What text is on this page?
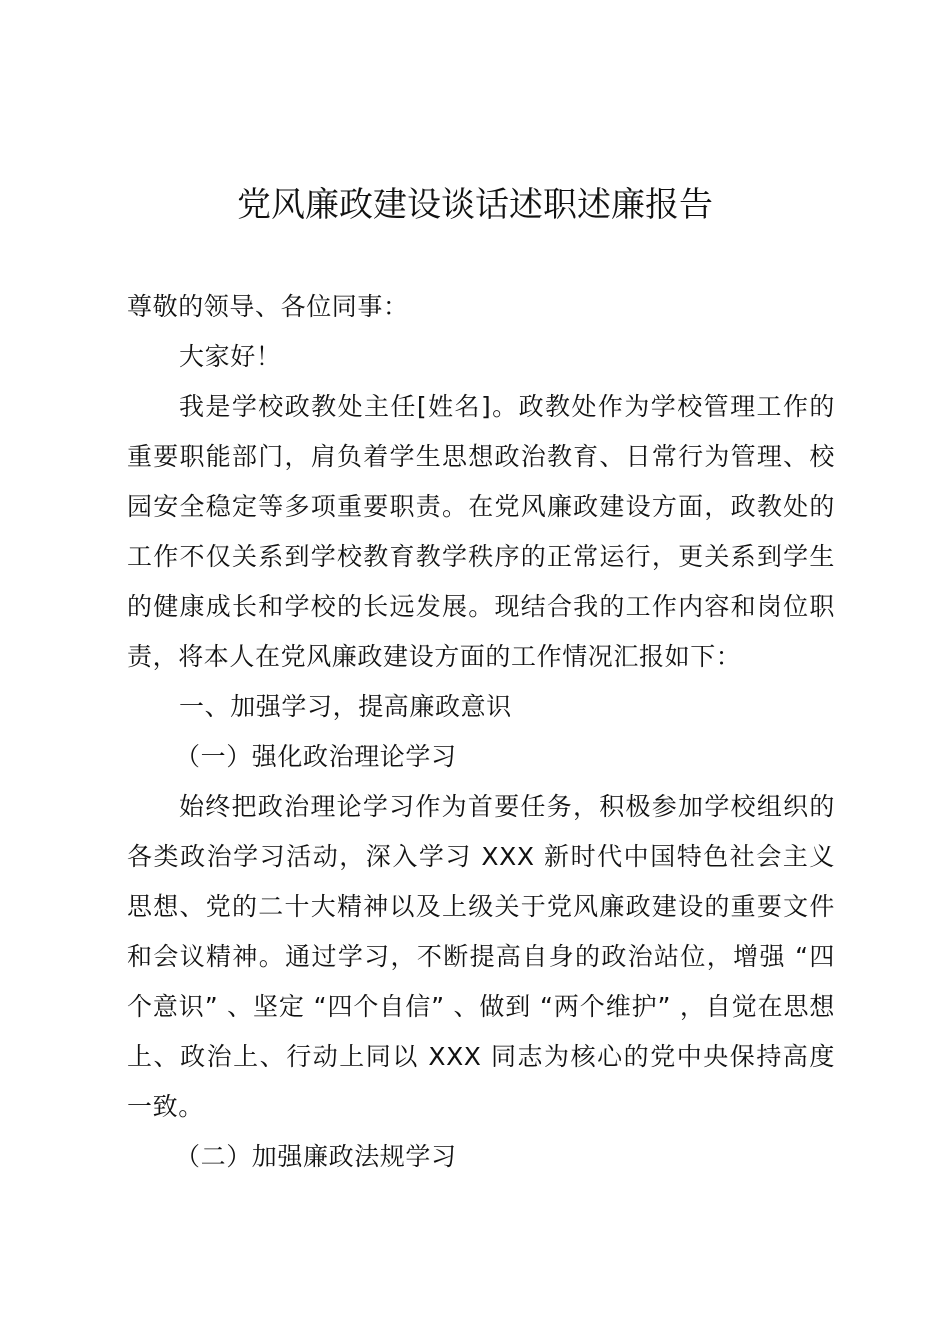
党风廉政建设谈话述职述廉报告

尊敬的领导、各位同事：

大家好！

我是学校政教处主任[姓名]。政教处作为学校管理工作的重要职能部门，肩负着学生思想政治教育、日常行为管理、校园安全稳定等多项重要职责。在党风廉政建设方面，政教处的工作不仅关系到学校教育教学秩序的正常运行，更关系到学生的健康成长和学校的长远发展。现结合我的工作内容和岗位职责，将本人在党风廉政建设方面的工作情况汇报如下：

一、加强学习，提高廉政意识

（一）强化政治理论学习

始终把政治理论学习作为首要任务，积极参加学校组织的各类政治学习活动，深入学习 XXX 新时代中国特色社会主义思想、党的二十大精神以及上级关于党风廉政建设的重要文件和会议精神。通过学习，不断提高自身的政治站位，增强 “四个意识” 、坚定 “四个自信” 、做到 “两个维护” ，自觉在思想上、政治上、行动上同以 XXX 同志为核心的党中央保持高度一致。

（二）加强廉政法规学习
